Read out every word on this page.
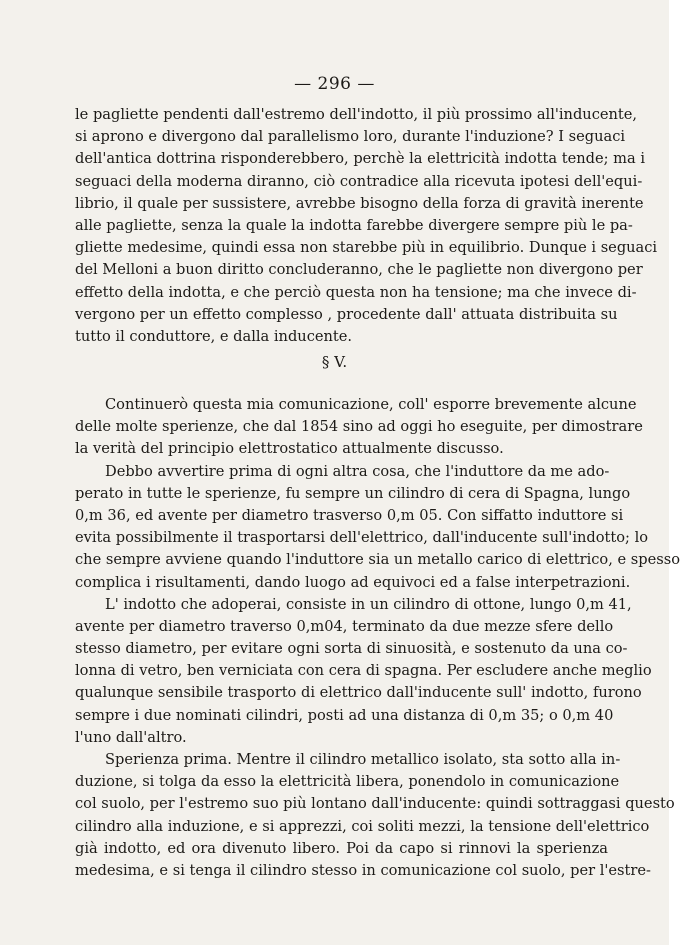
— 296 —
le pagliette pendenti dall'estremo dell'indotto, il più prossimo all'inducente,
si aprono e divergono dal parallelismo loro, durante l'induzione? I seguaci
dell'antica dottrina risponderebbero, perchè la elettricità indotta tende; ma i
seguaci della moderna diranno, ciò contradice alla ricevuta ipotesi dell'equi-
librio, il quale per sussistere, avrebbe bisogno della forza di gravità inerente
alle pagliette, senza la quale la indotta farebbe divergere sempre più le pa-
gliette medesime, quindi essa non starebbe più in equilibrio. Dunque i seguaci
del Melloni a buon diritto concluderanno, che le pagliette non divergono per
effetto della indotta, e che perciò questa non ha tensione; ma che invece di-
vergono per un effetto complesso , procedente dall' attuata distribuita su
tutto il conduttore, e dalla inducente.
§ V.
Continuerò questa mia comunicazione, coll' esporre brevemente alcune
delle molte sperienze, che dal 1854 sino ad oggi ho eseguite, per dimostrare
la verità del principio elettrostatico attualmente discusso.
Debbo avvertire prima di ogni altra cosa, che l'induttore da me ado-
perato in tutte le sperienze, fu sempre un cilindro di cera di Spagna, lungo
0,m 36, ed avente per diametro trasverso 0,m 05. Con siffatto induttore si
evita possibilmente il trasportarsi dell'elettrico, dall'inducente sull'indotto; lo
che sempre avviene quando l'induttore sia un metallo carico di elettrico, e spesso
complica i risultamenti, dando luogo ad equivoci ed a false interpetrazioni.
L' indotto che adoperai, consiste in un cilindro di ottone, lungo 0,m 41,
avente per diametro traverso 0,m04, terminato da due mezze sfere dello
stesso diametro, per evitare ogni sorta di sinuosità, e sostenuto da una co-
lonna di vetro, ben verniciata con cera di spagna. Per escludere anche meglio
qualunque sensibile trasporto di elettrico dall'inducente sull' indotto, furono
sempre i due nominati cilindri, posti ad una distanza di 0,m 35; o 0,m 40
l'uno dall'altro.
Sperienza prima. Mentre il cilindro metallico isolato, sta sotto alla in-
duzione, si tolga da esso la elettricità libera, ponendolo in comunicazione
col suolo, per l'estremo suo più lontano dall'inducente: quindi sottraggasi questo
cilindro alla induzione, e si apprezzi, coi soliti mezzi, la tensione dell'elettrico
già indotto, ed ora divenuto libero. Poi da capo si rinnovi la sperienza
medesima, e si tenga il cilindro stesso in comunicazione col suolo, per l'estre-
